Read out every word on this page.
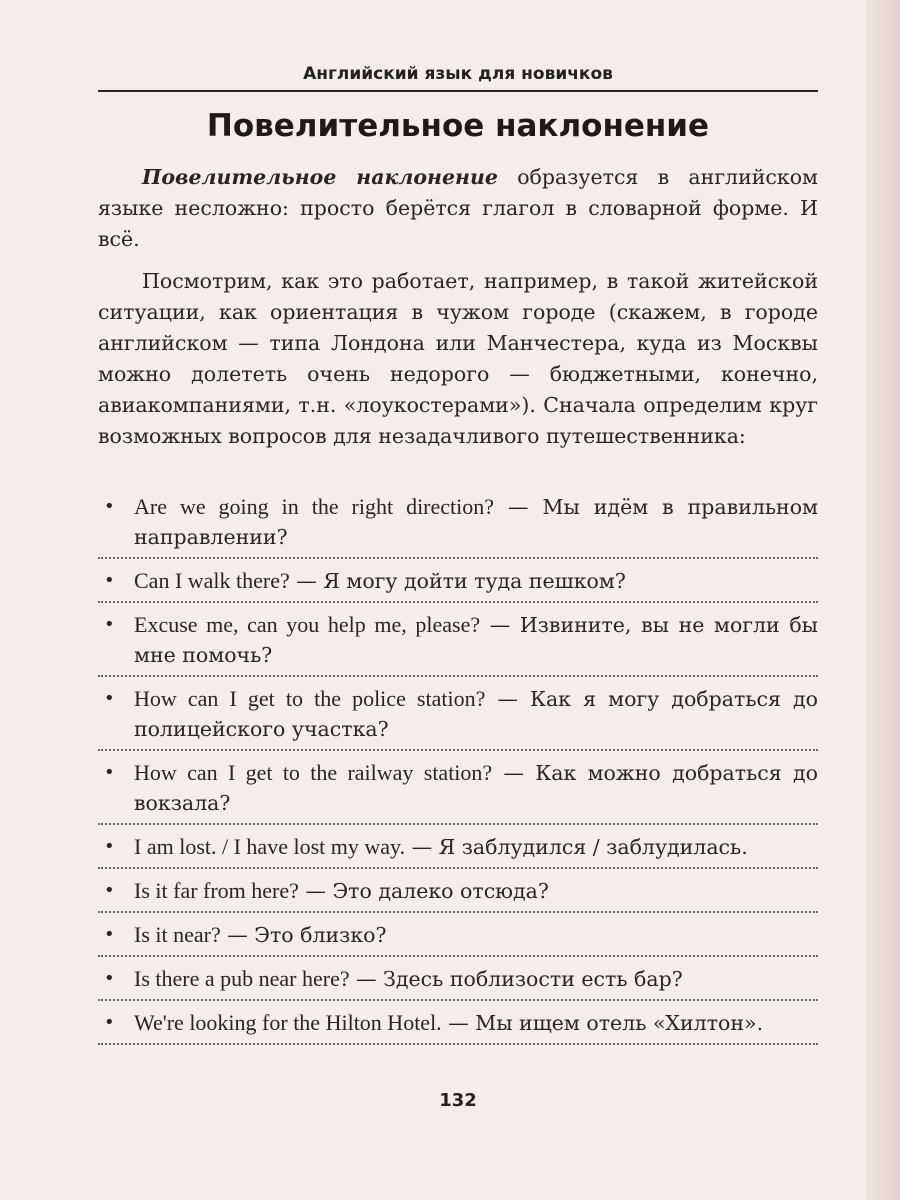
Английский язык для новичков
Повелительное наклонение

Повелительное наклонение образуется в английском языке несложно: просто берётся глагол в словарной форме. И всё.

Посмотрим, как это работает, например, в такой житейской ситуации, как ориентация в чужом городе (скажем, в городе английском — типа Лондона или Манчестера, куда из Москвы можно долететь очень недорого — бюджетными, конечно, авиакомпаниями, т.н. «лоукостерами»). Сначала определим круг возможных вопросов для незадачливого путешественника:

• Are we going in the right direction? — Мы идём в правильном направлении?
• Can I walk there? — Я могу дойти туда пешком?
• Excuse me, can you help me, please? — Извините, вы не могли бы мне помочь?
• How can I get to the police station? — Как я могу добраться до полицейского участка?
• How can I get to the railway station? — Как можно добраться до вокзала?
• I am lost. / I have lost my way. — Я заблудился / заблудилась.
• Is it far from here? — Это далеко отсюда?
• Is it near? — Это близко?
• Is there a pub near here? — Здесь поблизости есть бар?
• We're looking for the Hilton Hotel. — Мы ищем отель «Хилтон».
132
